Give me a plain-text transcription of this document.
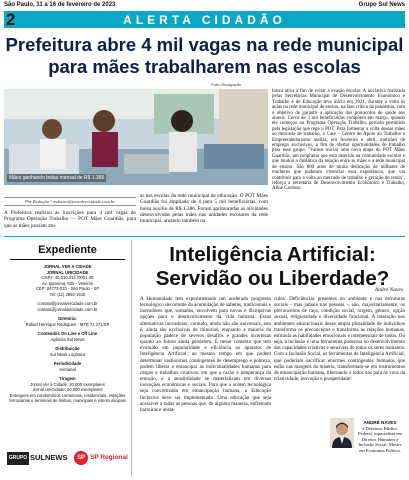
São Paulo, 11 a 16 de fevereiro de 2023	Grupo Sul News
2	ALERTA CIDADÃO
Prefeitura abre 4 mil vagas na rede municipal
para mães trabalharem nas escolas
Foto: Divulgação
Mães ganhando bolsa mensal de R$ 1.386
Por Redação / redacao@jornalvercidade.com.br

A Prefeitura realizou as inscrições para 4 mil vagas do Programa Operação Trabalho — POT Mães Guardiãs, para que as mães possam atu-

ar nas escolas da rede municipal de educação. O POT Mães Guardiãs foi ampliado de 4 para 5 mil beneficiárias, com bolsa auxílio de R$ 1.386. Foram aprimoradas as atividades desenvolvidas pelas mães nas unidades escolares da rede municipal, atuando também na

busca ativa a fim de evitar a evasão escolar. A iniciativa realizada pelas Secretarias Municipal de Desenvolvimento Econômico e Trabalho e de Educação teve início em 2021, durante a volta às aulas na rede municipal de ensino, na fase crítica da pandemia, com o objetivo de garantir a aplicação dos protocolos de saúde aos alunos. Cerca de 3 mil beneficiárias compõem em março, quando ele começou no Programa Operação Trabalho, período permitido pela legislação que rege o POT. Para fomentar a volta dessas mães ao mercado de trabalho, o Cate – Centro de Apoio ao Trabalho e Empreendedorismo realiza, em fevereiro e abril, mutirões de emprego exclusivos, a fim de ofertar oportunidades de trabalho para esse grupo. "Vamos iniciar uma nova etapa do POT Mães Guardiãs, um programa que está inserido na comunidade escolar e que mudou a dinâmica da relação entre as mães e a rede municipal de ensino. São 800 anos de muita dedicação de milhares de mulheres que puderam vivenciar essa experiência, que vai contribuir para a volta ao mercado de trabalho e geração de renda", reforça a secretária de Desenvolvimento Econômico e Trabalho, Aline Cardoso.

Expediente
JORNAL VER A CIDADE
JORNAL UNICIDADE
CNPJ: 40.010.313 /0001-45
Av. Ipanema, 625 - Veleiros
CEP: 04773-010 - São Paulo - SP
Tel: (11) 3892-1510
contato@jornalvercidade.com.br
contato@jornalunicidade.com.br
Diretoria:
Rafael Henrique Rodrigues - MTB 72.271/SP
Conteúdos On Line e Off Line
Agência Sul News
Distribuição
Sul News Logística
Periodicidade
Semanal
Tiragem
Jornal Ver a Cidade: 20.000 exemplares
Jornal UniCidade: 20.000 exemplares
Entregues em condomínios comerciais, residenciais, estações ferroviárias e terminais de ônibus, municipais e intermunicipais
GRUPO SULNEWS	SP SP Regional
Inteligência Artificial:
Servidão ou Liberdade?
André Naves

A Humanidade tem experimentado um acelerado progresso tecnológico decorrente da acumulação de saberes, tradicionais e inovadores que, somados, envolvem para novas e disruptivas opções para o desenvolvimento da vida humana. Essas alternativas inovadoras, contudo, ainda não são universais, isto é, ainda são exclusivas de minorias; enquanto a maioria da população padece de severos desafios e grandes incertezas quanto ao futuro ainda persistem. É nesse contexto que tem evoluído em popularidade e eficiência os aparatos de Inteligência Artificial: ao mesmo tempo em que podem determinar vastíssimos contingentes de desemprego e pobreza, podem liberar e emancipar as individualidades humanas para cargos e trabalhos criativos, em que a razão e temperança da emoção, e a sensibilidade se materializam em diversas inovações econômicas e sociais. Para que a ordem tecnológica seja concretizada em emancipação humana, a Educação Inclusiva deve ser implementada. Uma educação que seja acessível a todas as pessoas que, de alguma maneira, enfrentam barreiras e obsta-

culos. Deficiências presentes no ambiente e nas estruturas sociais - mas jamais nas pessoas -, são, majoritariamente, os preconceitos de raça, condição social, origem, gênero, opção sexual, religiosidade e diversidade funcional. A interação nos ambientes educacionais desse ampla pluralidade de indivíduos transforma os preconceitos e transforma as relações humanas, estimula as habilidades emocionais e interpessoais de todos. Ou seja, a inclusão é uma ferramenta poderosa no desenvolvimento das capacidades criativas e sensíveis de todos os seres humanos. Com a Inclusão Social, as ferramentas de Inteligência Artificial, que poderiam sacrificar enormes contingentes humanos que estão nas margens da miséria, transformam-se em instrumentos de emancipação humana, libertando o todos nós para os voos da criatividade, inovação e prosperidade!

ANDRÉ NAVES
é Defensor Público Federal, especialista em Direitos Humanos e Inclusão Social, Mestre em Economia Política.
